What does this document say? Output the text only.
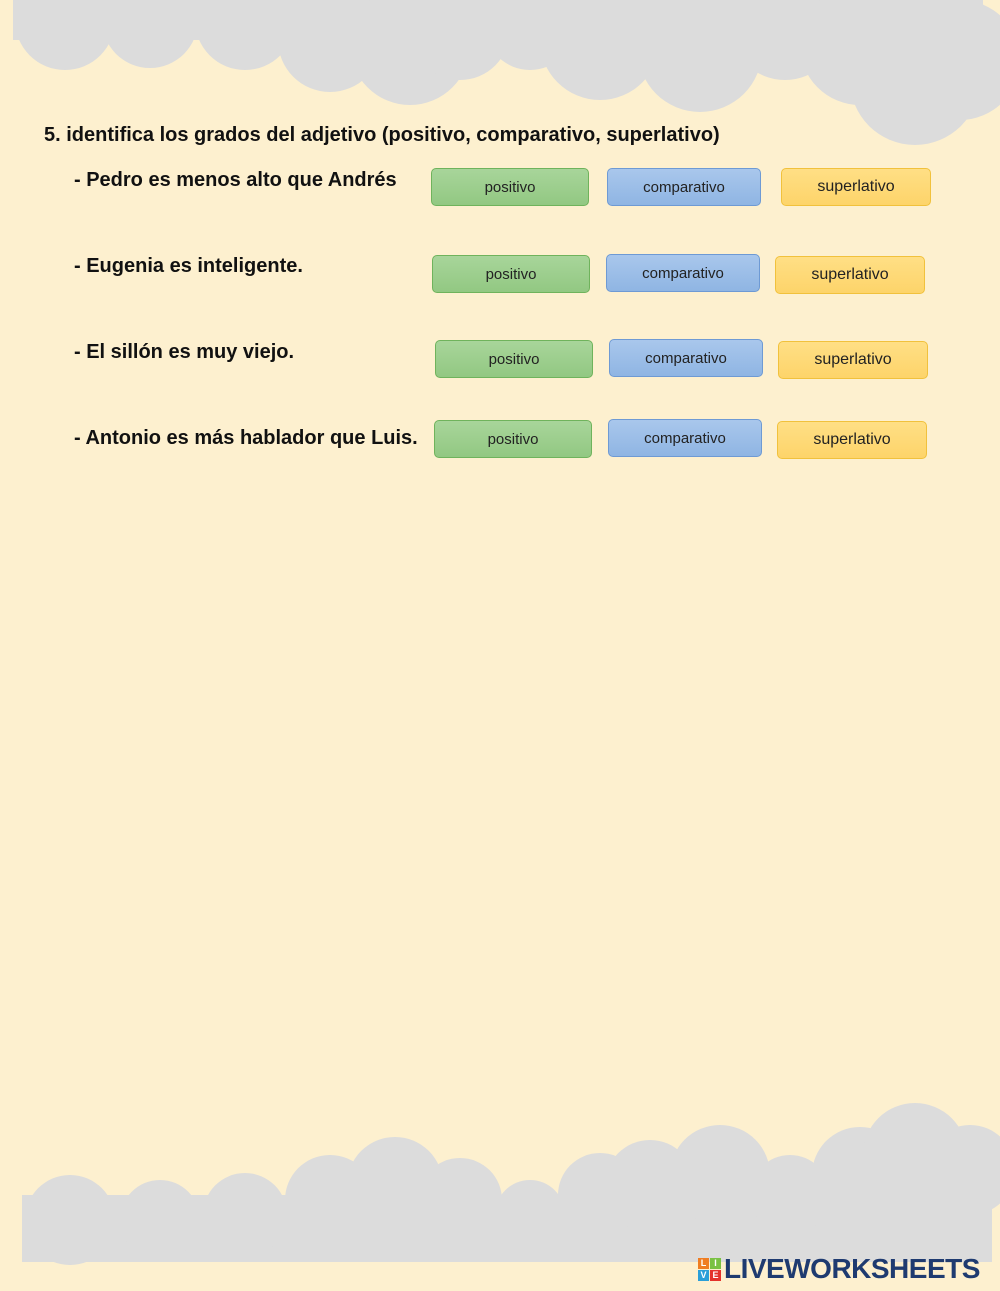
5. identifica los grados del adjetivo (positivo, comparativo, superlativo)
- Pedro es menos alto que Andrés	positivo	comparativo	superlativo
- Eugenia es inteligente.	positivo	comparativo	superlativo
- El sillón es muy viejo.	positivo	comparativo	superlativo
- Antonio es más hablador que Luis.	positivo	comparativo	superlativo
L I
V E LIVEWORKSHEETS
